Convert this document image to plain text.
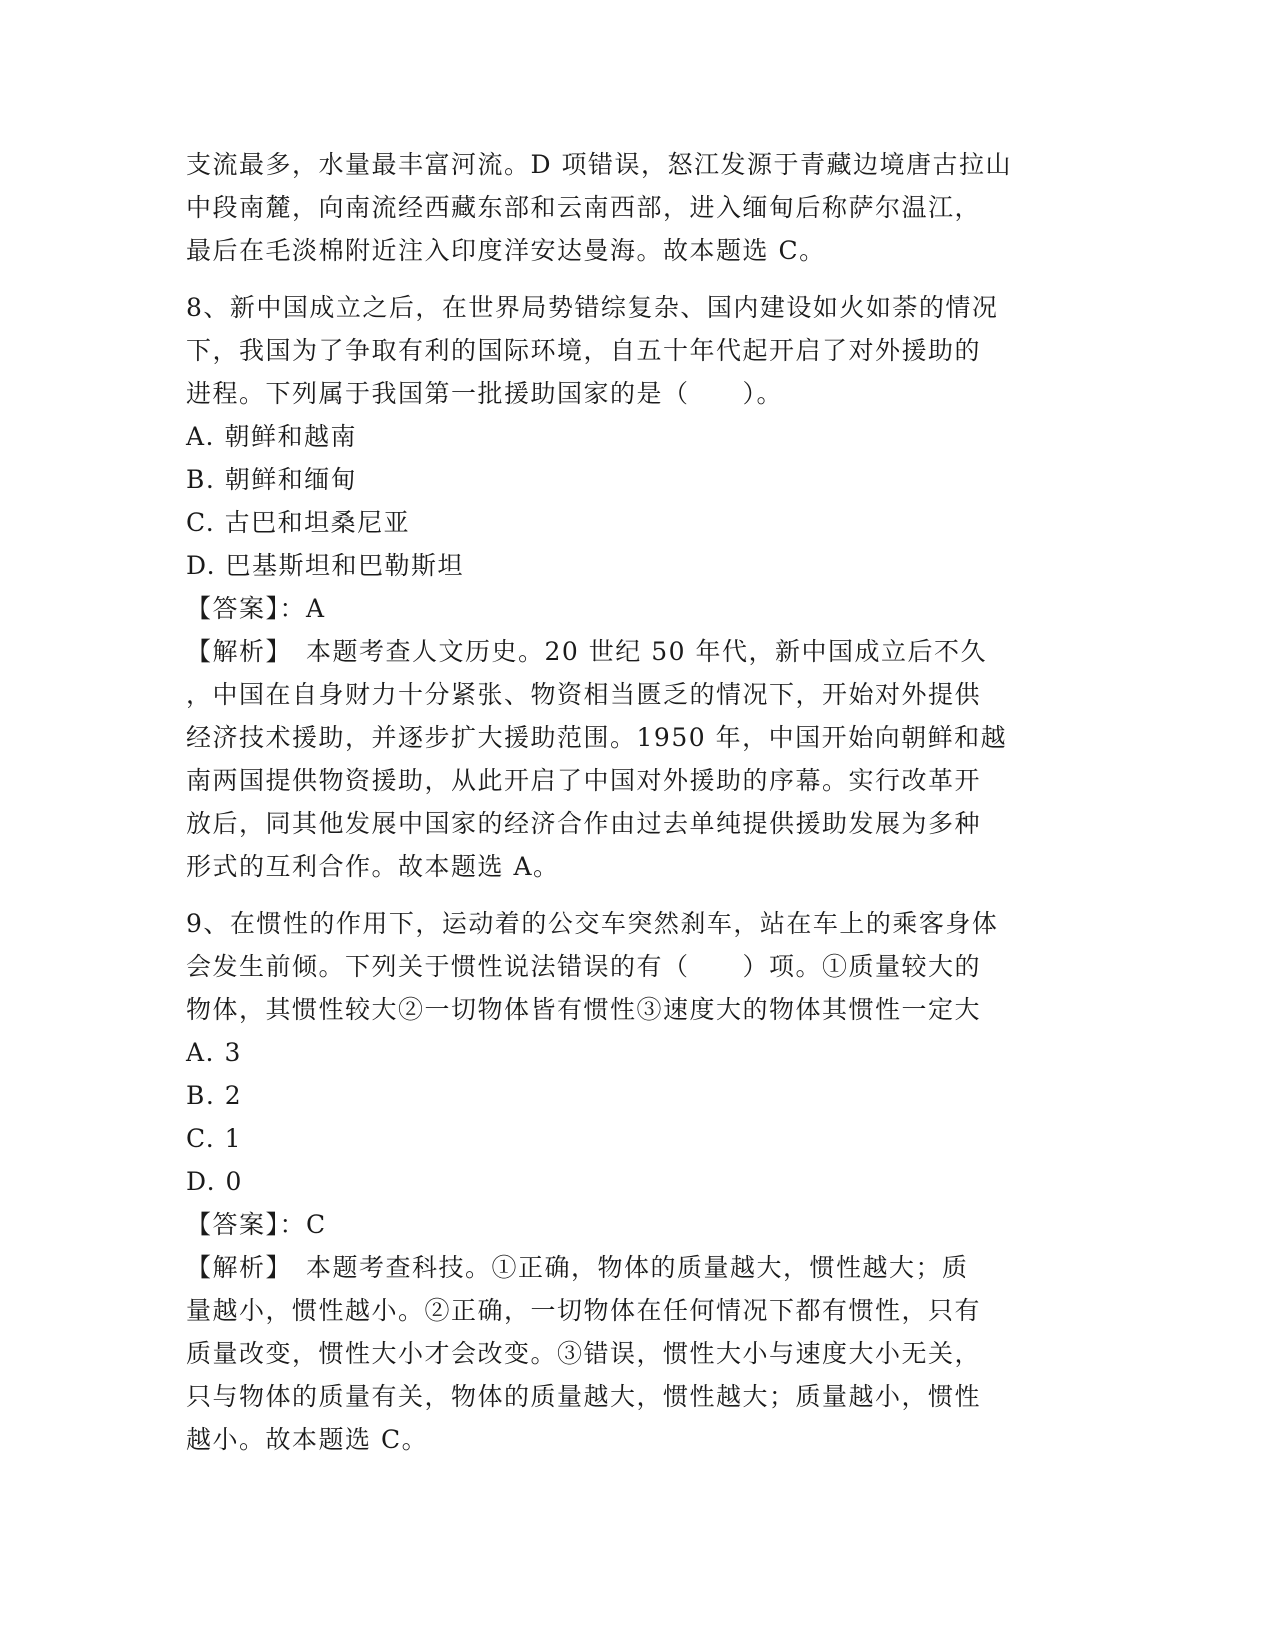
支流最多，水量最丰富河流。D 项错误，怒江发源于青藏边境唐古拉山
中段南麓，向南流经西藏东部和云南西部，进入缅甸后称萨尔温江，
最后在毛淡棉附近注入印度洋安达曼海。故本题选 C。
8、新中国成立之后，在世界局势错综复杂、国内建设如火如荼的情况
下，我国为了争取有利的国际环境，自五十年代起开启了对外援助的
进程。下列属于我国第一批援助国家的是（　　）。
A. 朝鲜和越南
B. 朝鲜和缅甸
C. 古巴和坦桑尼亚
D. 巴基斯坦和巴勒斯坦
【答案】：A
【解析】　本题考查人文历史。20 世纪 50 年代，新中国成立后不久
，中国在自身财力十分紧张、物资相当匮乏的情况下，开始对外提供
经济技术援助，并逐步扩大援助范围。1950 年，中国开始向朝鲜和越
南两国提供物资援助，从此开启了中国对外援助的序幕。实行改革开
放后，同其他发展中国家的经济合作由过去单纯提供援助发展为多种
形式的互利合作。故本题选 A。
9、在惯性的作用下，运动着的公交车突然刹车，站在车上的乘客身体
会发生前倾。下列关于惯性说法错误的有（　　）项。①质量较大的
物体，其惯性较大②一切物体皆有惯性③速度大的物体其惯性一定大
A. 3
B. 2
C. 1
D. 0
【答案】：C
【解析】　本题考查科技。①正确，物体的质量越大，惯性越大；质
量越小，惯性越小。②正确，一切物体在任何情况下都有惯性，只有
质量改变，惯性大小才会改变。③错误，惯性大小与速度大小无关，
只与物体的质量有关，物体的质量越大，惯性越大；质量越小，惯性
越小。故本题选 C。
